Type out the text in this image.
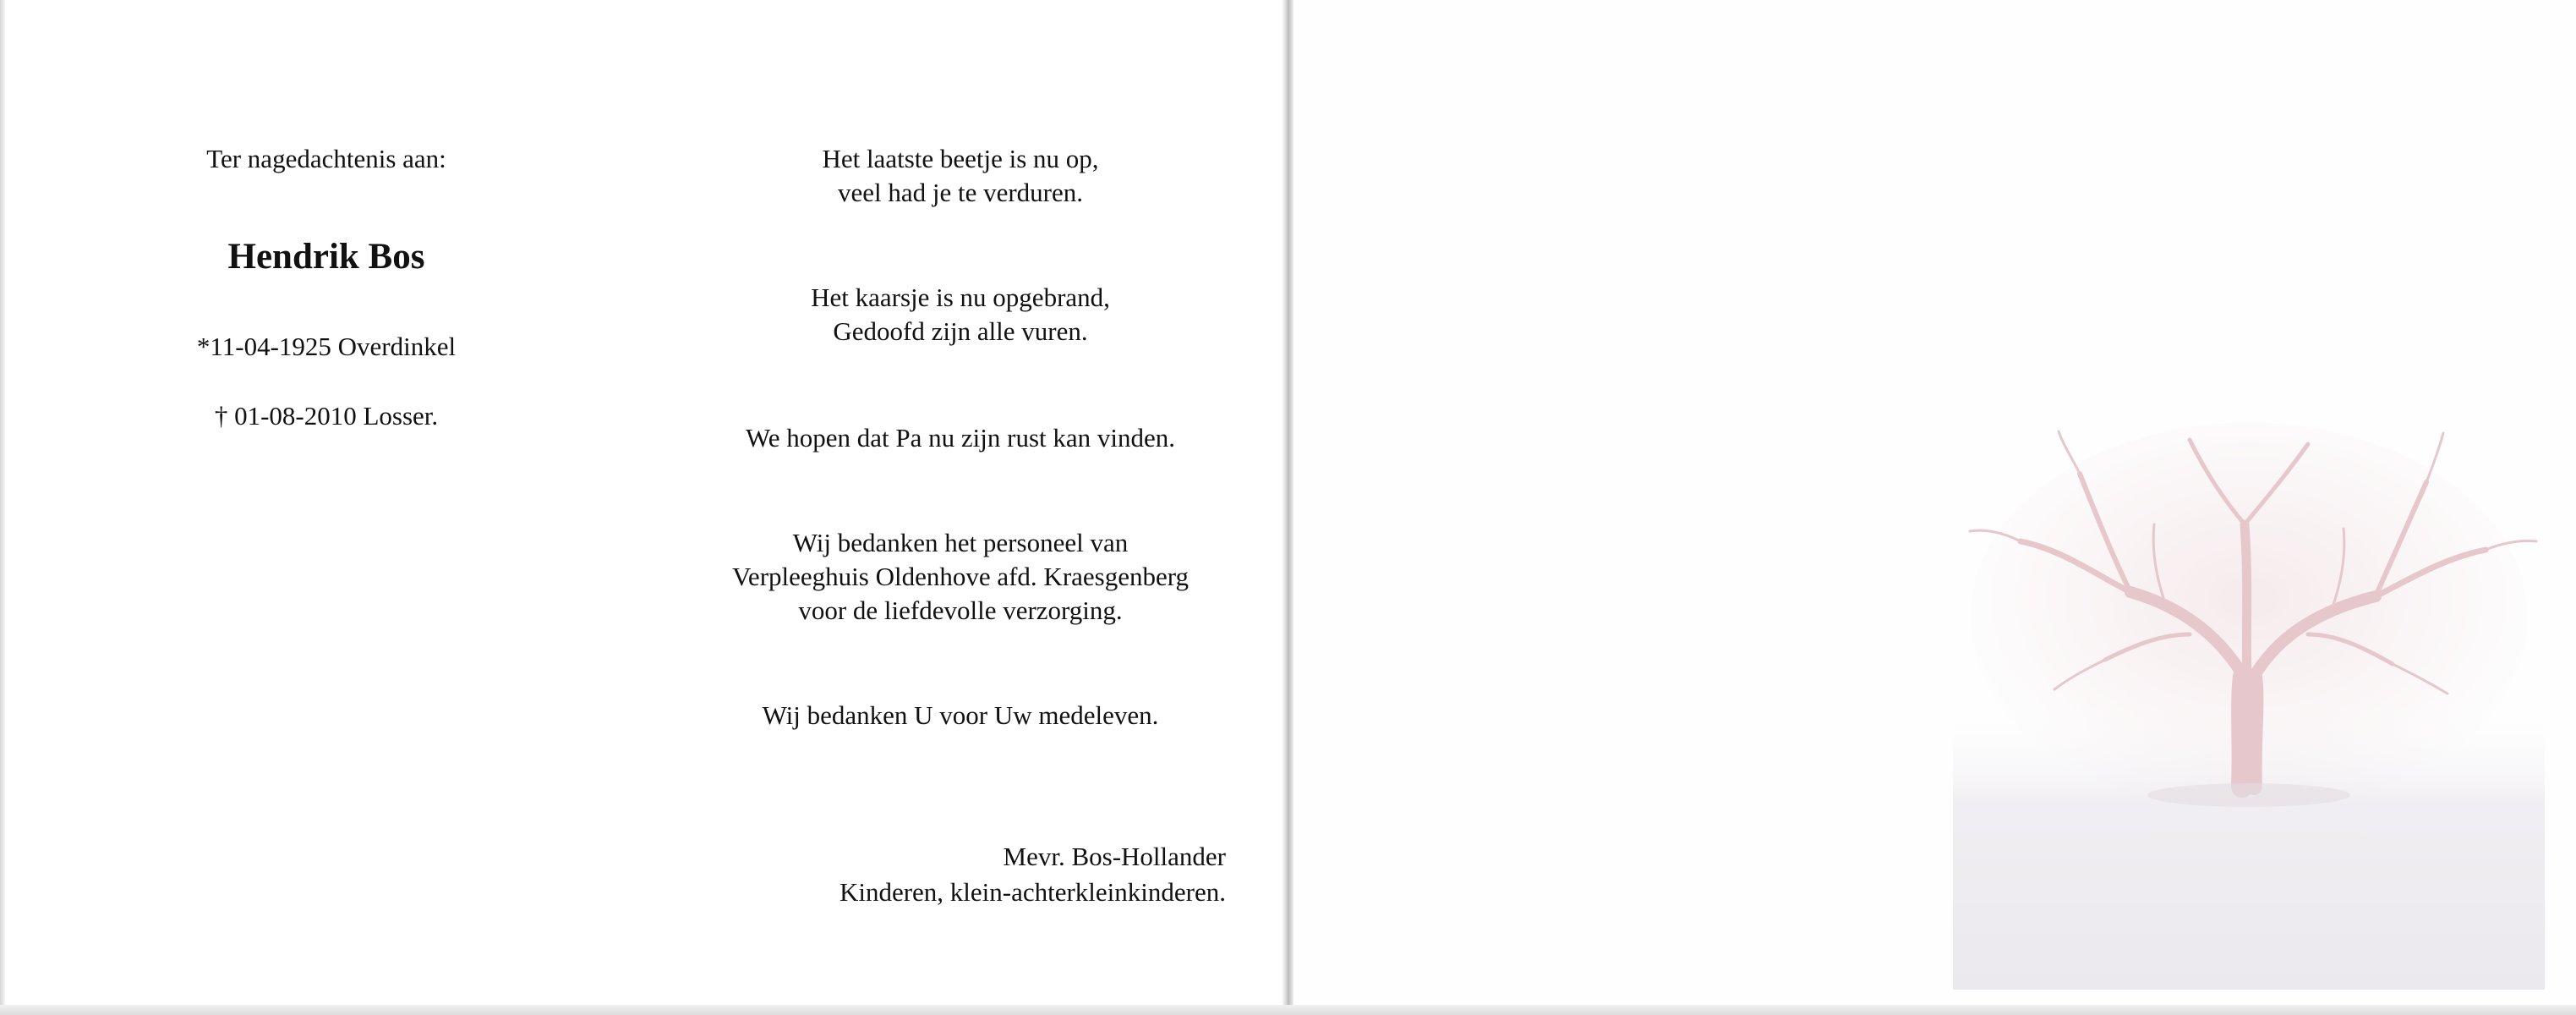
Ter nagedachtenis aan:

Hendrik Bos

*11-04-1925 Overdinkel

† 01-08-2010 Losser.

Het laatste beetje is nu op,
veel had je te verduren.

Het kaarsje is nu opgebrand,
Gedoofd zijn alle vuren.

We hopen dat Pa nu zijn rust kan vinden.

Wij bedanken het personeel van
Verpleeghuis Oldenhove afd. Kraesgenberg
voor de liefdevolle verzorging.

Wij bedanken U voor Uw medeleven.

Mevr. Bos-Hollander
Kinderen, klein-achterkleinkinderen.
